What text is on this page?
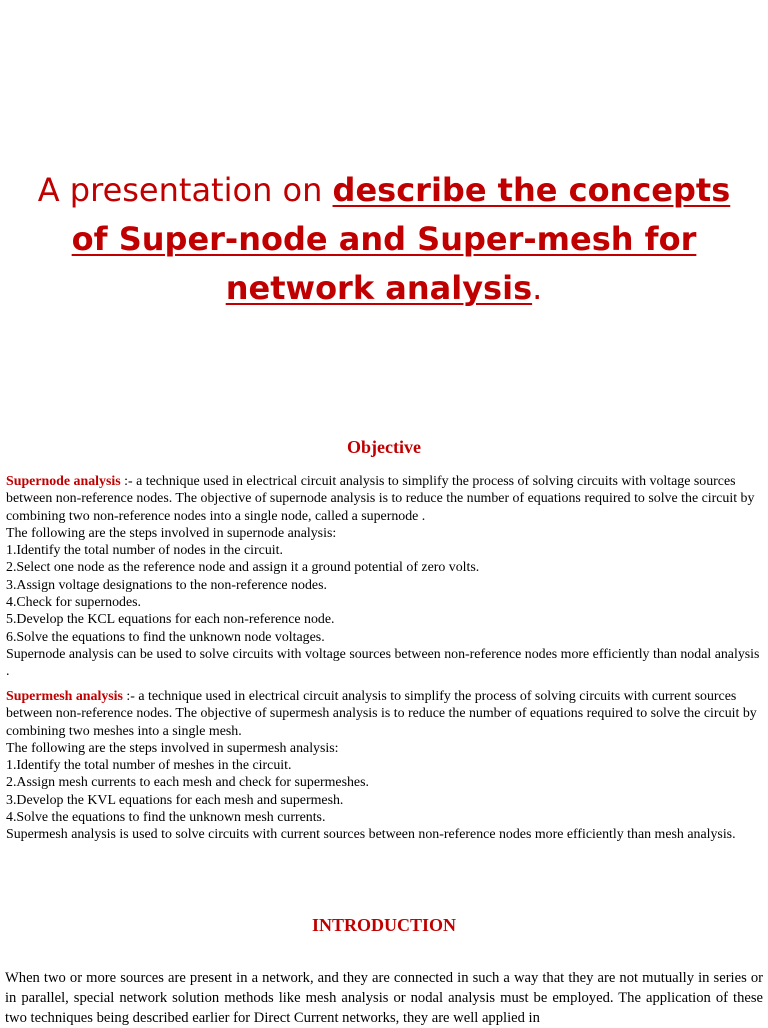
A presentation on describe the concepts of Super-node and Super-mesh for network analysis.
Objective
Supernode analysis :- a technique used in electrical circuit analysis to simplify the process of solving circuits with voltage sources between non-reference nodes. The objective of supernode analysis is to reduce the number of equations required to solve the circuit by combining two non-reference nodes into a single node, called a supernode .
The following are the steps involved in supernode analysis:
1.Identify the total number of nodes in the circuit.
2.Select one node as the reference node and assign it a ground potential of zero volts.
3.Assign voltage designations to the non-reference nodes.
4.Check for supernodes.
5.Develop the KCL equations for each non-reference node.
6.Solve the equations to find the unknown node voltages.
Supernode analysis can be used to solve circuits with voltage sources between non-reference nodes more efficiently than nodal analysis .
Supermesh analysis :- a technique used in electrical circuit analysis to simplify the process of solving circuits with current sources between non-reference nodes. The objective of supermesh analysis is to reduce the number of equations required to solve the circuit by combining two meshes into a single mesh.
The following are the steps involved in supermesh analysis:
1.Identify the total number of meshes in the circuit.
2.Assign mesh currents to each mesh and check for supermeshes.
3.Develop the KVL equations for each mesh and supermesh.
4.Solve the equations to find the unknown mesh currents.
Supermesh analysis is used to solve circuits with current sources between non-reference nodes more efficiently than mesh analysis.
INTRODUCTION
When two or more sources are present in a network, and they are connected in such a way that they are not mutually in series or in parallel, special network solution methods like mesh analysis or nodal analysis must be employed. The application of these two techniques being described earlier for Direct Current networks, they are well applied in
